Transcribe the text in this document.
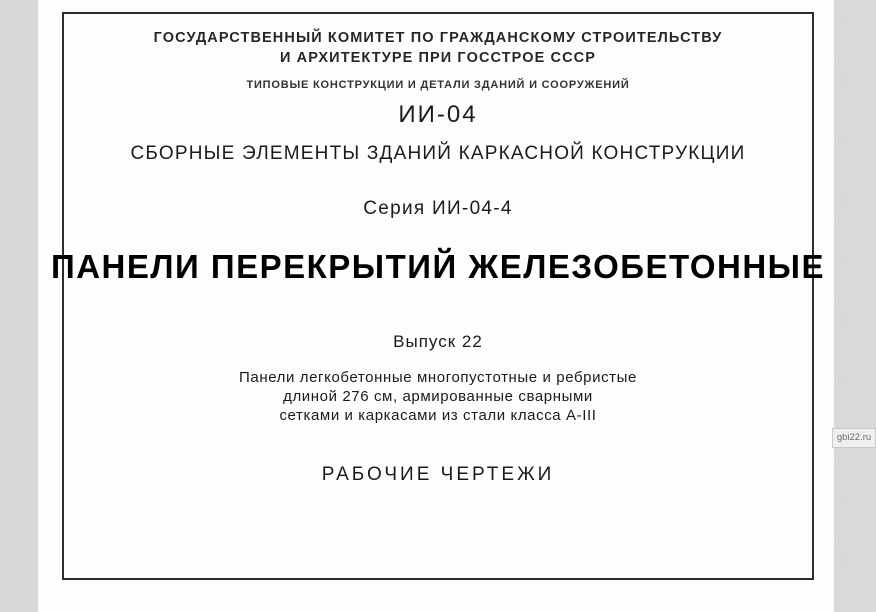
ГОСУДАРСТВЕННЫЙ КОМИТЕТ ПО ГРАЖДАНСКОМУ СТРОИТЕЛЬСТВУ
И АРХИТЕКТУРЕ ПРИ ГОССТРОЕ СССР
ТИПОВЫЕ КОНСТРУКЦИИ И ДЕТАЛИ ЗДАНИЙ И СООРУЖЕНИЙ
ИИ-04
СБОРНЫЕ ЭЛЕМЕНТЫ ЗДАНИЙ КАРКАСНОЙ КОНСТРУКЦИИ
Серия ИИ-04-4
ПАНЕЛИ ПЕРЕКРЫТИЙ ЖЕЛЕЗОБЕТОННЫЕ
Выпуск 22
Панели легкобетонные многопустотные и ребристые
длиной 276 см, армированные сварными
сетками и каркасами из стали класса А-III
РАБОЧИЕ ЧЕРТЕЖИ
gbi22.ru
